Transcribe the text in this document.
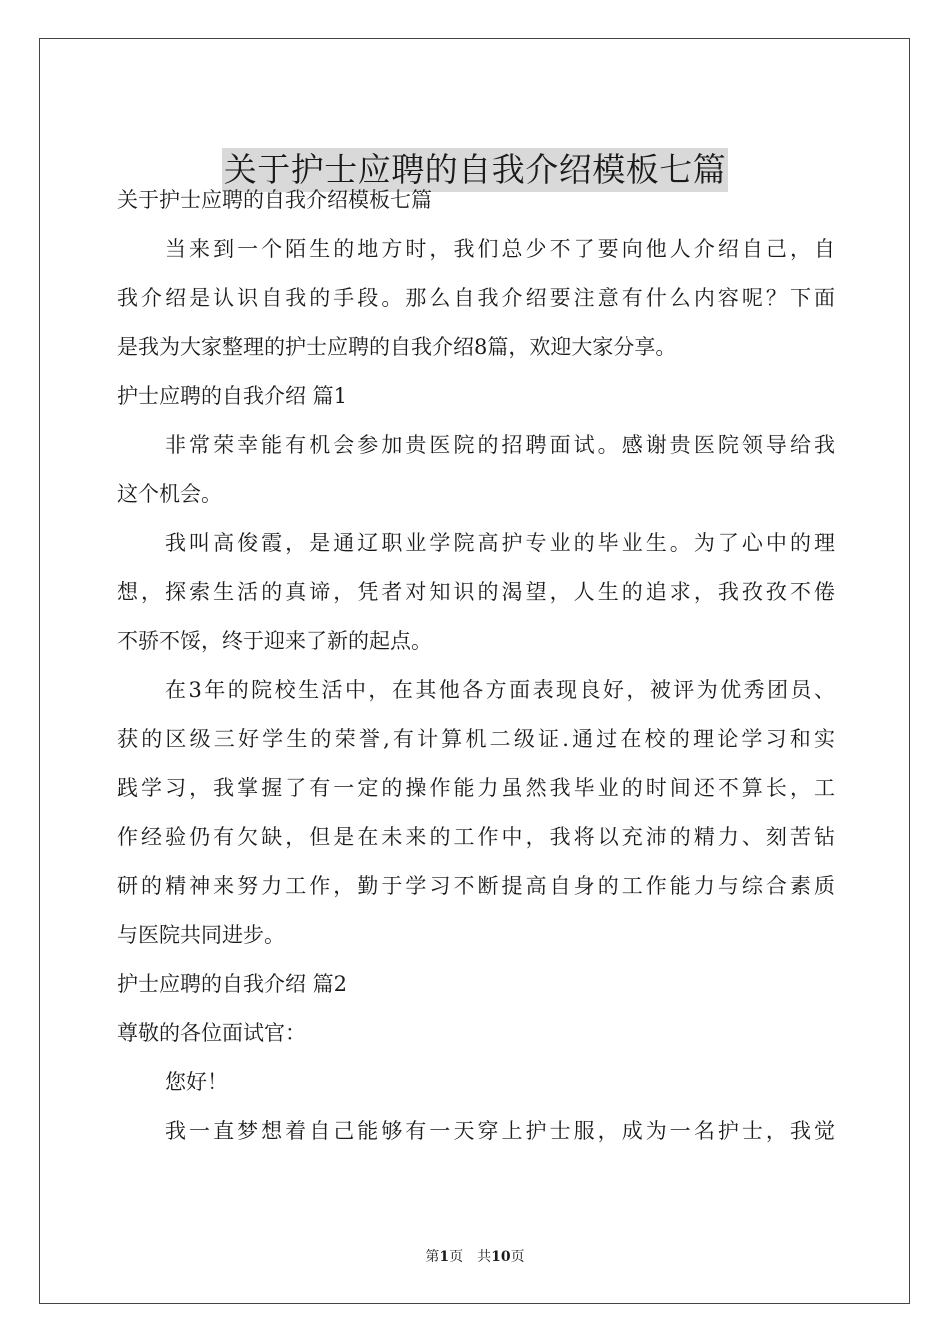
关于护士应聘的自我介绍模板七篇
关于护士应聘的自我介绍模板七篇
当来到一个陌生的地方时，我们总少不了要向他人介绍自己，自
我介绍是认识自我的手段。那么自我介绍要注意有什么内容呢？下面
是我为大家整理的护士应聘的自我介绍8篇，欢迎大家分享。
护士应聘的自我介绍 篇1
非常荣幸能有机会参加贵医院的招聘面试。感谢贵医院领导给我
这个机会。
我叫高俊霞，是通辽职业学院高护专业的毕业生。为了心中的理
想，探索生活的真谛，凭者对知识的渴望，人生的追求，我孜孜不倦
不骄不馁，终于迎来了新的起点。
在3年的院校生活中，在其他各方面表现良好，被评为优秀团员、
获的区级三好学生的荣誉,有计算机二级证.通过在校的理论学习和实
践学习，我掌握了有一定的操作能力虽然我毕业的时间还不算长，工
作经验仍有欠缺，但是在未来的工作中，我将以充沛的精力、刻苦钻
研的精神来努力工作，勤于学习不断提高自身的工作能力与综合素质
与医院共同进步。
护士应聘的自我介绍 篇2
尊敬的各位面试官：
您好！
我一直梦想着自己能够有一天穿上护士服，成为一名护士，我觉
第1页　共10页
